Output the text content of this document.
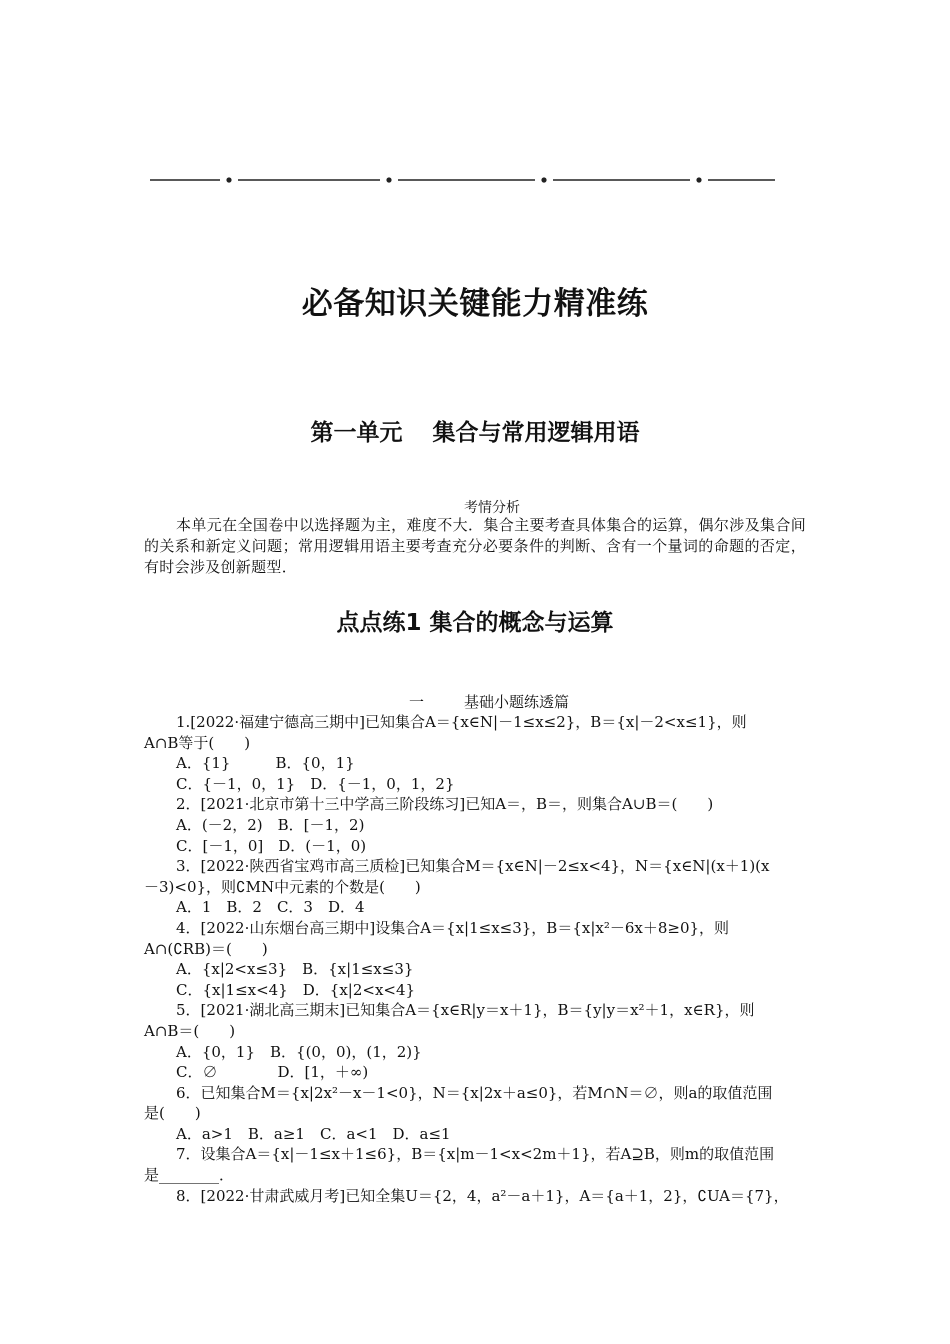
必备知识关键能力精准练
第一单元 集合与常用逻辑用语
考情分析
本单元在全国卷中以选择题为主，难度不大．集合主要考查具体集合的运算，偶尔涉及集合间的关系和新定义问题；常用逻辑用语主要考查充分必要条件的判断、含有一个量词的命题的否定，有时会涉及创新题型．
点点练1 集合的概念与运算
一	基础小题练透篇
1.[2022·福建宁德高三期中]已知集合A＝{x∈N|－1≤x≤2}，B＝{x|－2<x≤1}，则
A∩B等于(　　)
A．{1}　　　B．{0，1}
C．{－1，0，1}　D．{－1，0，1，2}
2．[2021·北京市第十三中学高三阶段练习]已知A＝，B＝，则集合A∪B＝(　　)
A．(－2，2)　B．[－1，2)
C．[－1，0]　D．(－1，0)
3．[2022·陕西省宝鸡市高三质检]已知集合M＝{x∈N|－2≤x<4}，N＝{x∈N|(x＋1)(x
－3)<0}，则∁MN中元素的个数是(　　)
A．1　B．2　C．3　D．4
4．[2022·山东烟台高三期中]设集合A＝{x|1≤x≤3}，B＝{x|x²－6x＋8≥0}，则
A∩(∁RB)＝(　　)
A．{x|2<x≤3}　B．{x|1≤x≤3}
C．{x|1≤x<4}　D．{x|2<x<4}
5．[2021·湖北高三期末]已知集合A＝{x∈R|y＝x＋1}，B＝{y|y＝x²＋1，x∈R}，则
A∩B＝(　　)
A．{0，1}　B．{(0，0)，(1，2)}
C．∅　　　　D．[1，＋∞)
6．已知集合M＝{x|2x²－x－1<0}，N＝{x|2x＋a≤0}，若M∩N＝∅，则a的取值范围
是(　　)
A．a>1　B．a≥1　C．a<1　D．a≤1
7．设集合A＝{x|－1≤x＋1≤6}，B＝{x|m－1<x<2m＋1}，若A⊇B，则m的取值范围
是________．
8．[2022·甘肃武威月考]已知全集U＝{2，4，a²－a＋1}，A＝{a＋1，2}，∁UA＝{7}，
